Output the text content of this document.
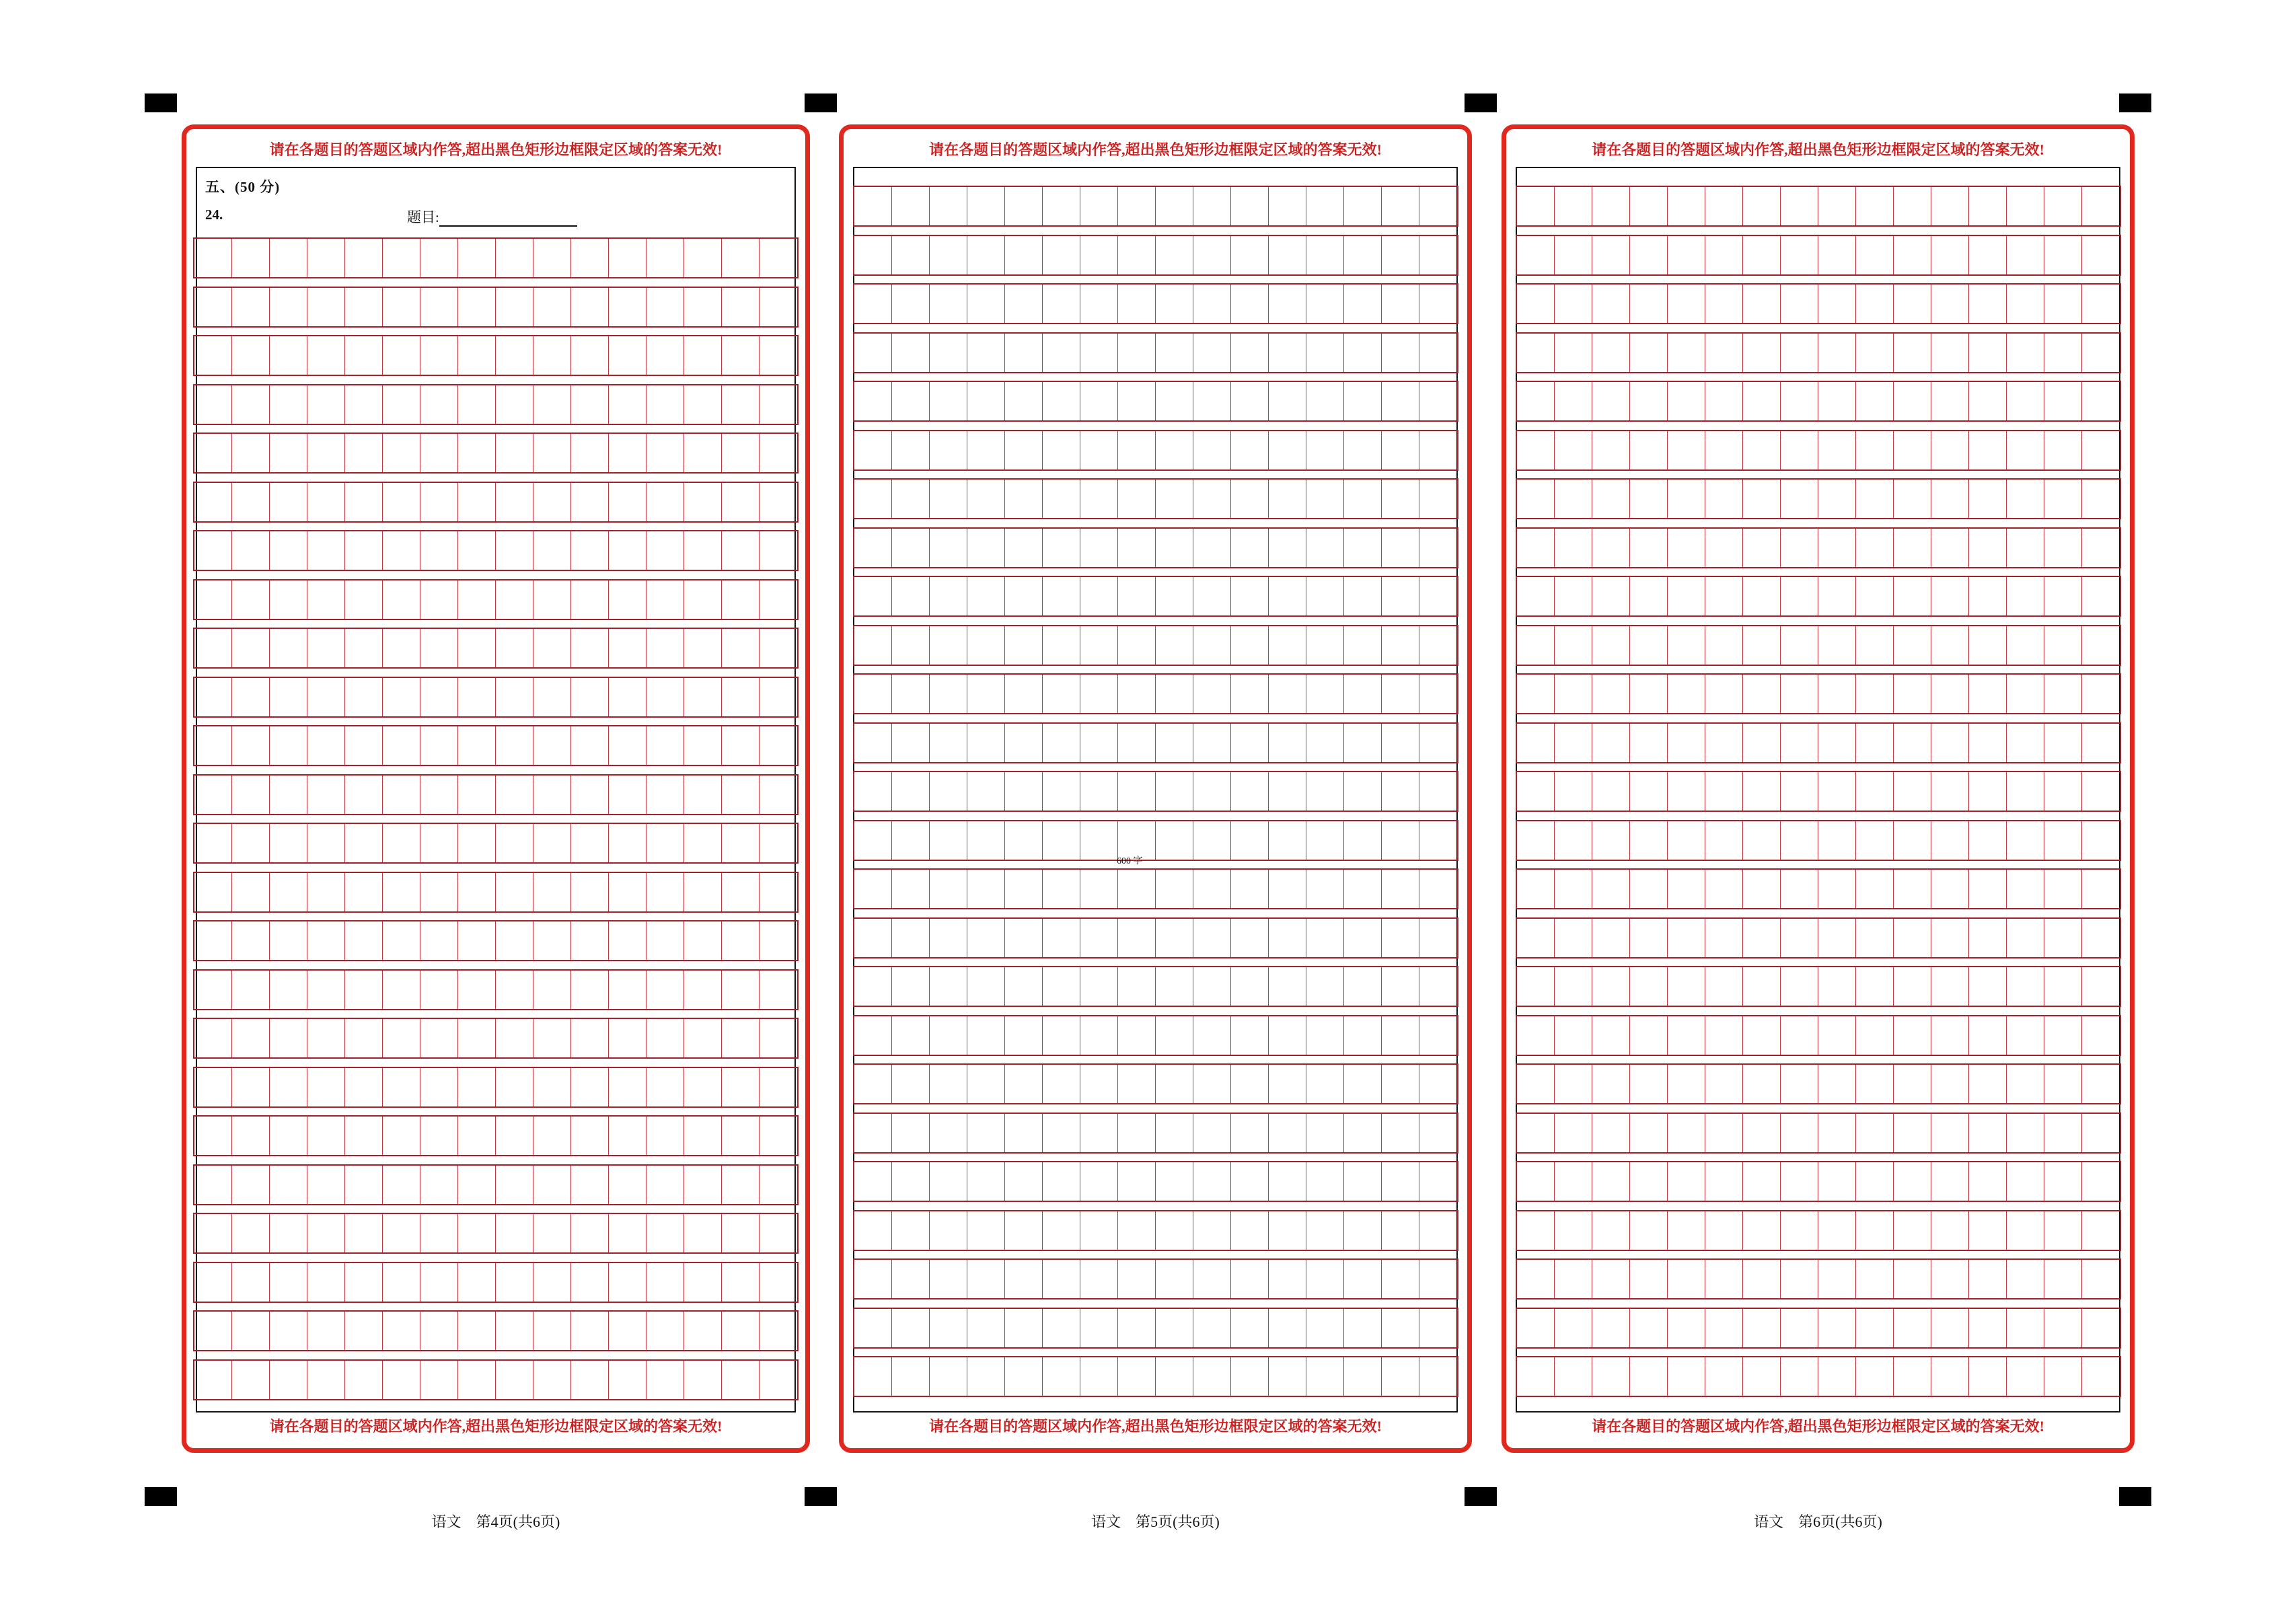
请在各题目的答题区域内作答,超出黑色矩形边框限定区域的答案无效!
五、(50 分)
24.	题目:
请在各题目的答题区域内作答,超出黑色矩形边框限定区域的答案无效!
请在各题目的答题区域内作答,超出黑色矩形边框限定区域的答案无效!
600 字
请在各题目的答题区域内作答,超出黑色矩形边框限定区域的答案无效!
请在各题目的答题区域内作答,超出黑色矩形边框限定区域的答案无效!
请在各题目的答题区域内作答,超出黑色矩形边框限定区域的答案无效!
语文　第4页(共6页)	语文　第5页(共6页)	语文　第6页(共6页)
